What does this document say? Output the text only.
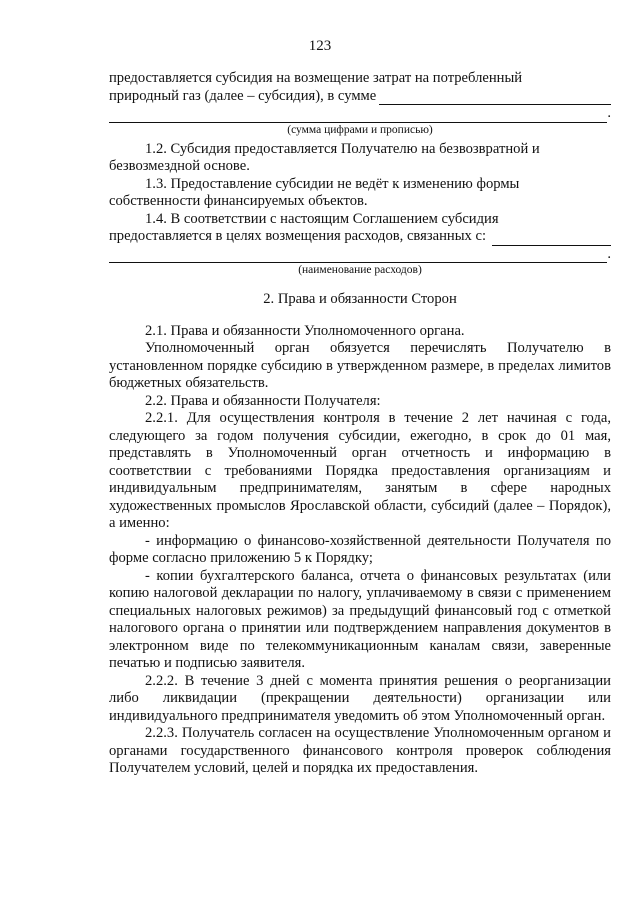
123

предоставляется субсидия на возмещение затрат на потребленный

природный газ (далее – субсидия), в сумме

.
(сумма цифрами и прописью)

1.2. Субсидия предоставляется Получателю на безвозвратной и

безвозмездной основе.

1.3. Предоставление субсидии не ведёт к изменению формы

собственности финансируемых объектов.

1.4. В соответствии с настоящим Соглашением субсидия

предоставляется в целях возмещения расходов, связанных с:

.
(наименование расходов)

2. Права и обязанности Сторон

2.1. Права и обязанности Уполномоченного органа.

Уполномоченный орган обязуется перечислять Получателю в установленном порядке субсидию в утвержденном размере, в пределах лимитов бюджетных обязательств.

2.2. Права и обязанности Получателя:

2.2.1. Для осуществления контроля в течение 2 лет начиная с года, следующего за годом получения субсидии, ежегодно, в срок до 01 мая, представлять в Уполномоченный орган отчетность и информацию в соответствии с требованиями Порядка предоставления организациям и индивидуальным предпринимателям, занятым в сфере народных художественных промыслов Ярославской области, субсидий (далее – Порядок), а именно:

- информацию о финансово-хозяйственной деятельности Получателя по форме согласно приложению 5 к Порядку;

- копии бухгалтерского баланса, отчета о финансовых результатах (или копию налоговой декларации по налогу, уплачиваемому в связи с применением специальных налоговых режимов) за предыдущий финансовый год с отметкой налогового органа о принятии или подтверждением направления документов в электронном виде по телекоммуникационным каналам связи, заверенные печатью и подписью заявителя.

2.2.2. В течение 3 дней с момента принятия решения о реорганизации либо ликвидации (прекращении деятельности) организации или индивидуального предпринимателя уведомить об этом Уполномоченный орган.

2.2.3. Получатель согласен на осуществление Уполномоченным органом и органами государственного финансового контроля проверок соблюдения Получателем условий, целей и порядка их предоставления.
